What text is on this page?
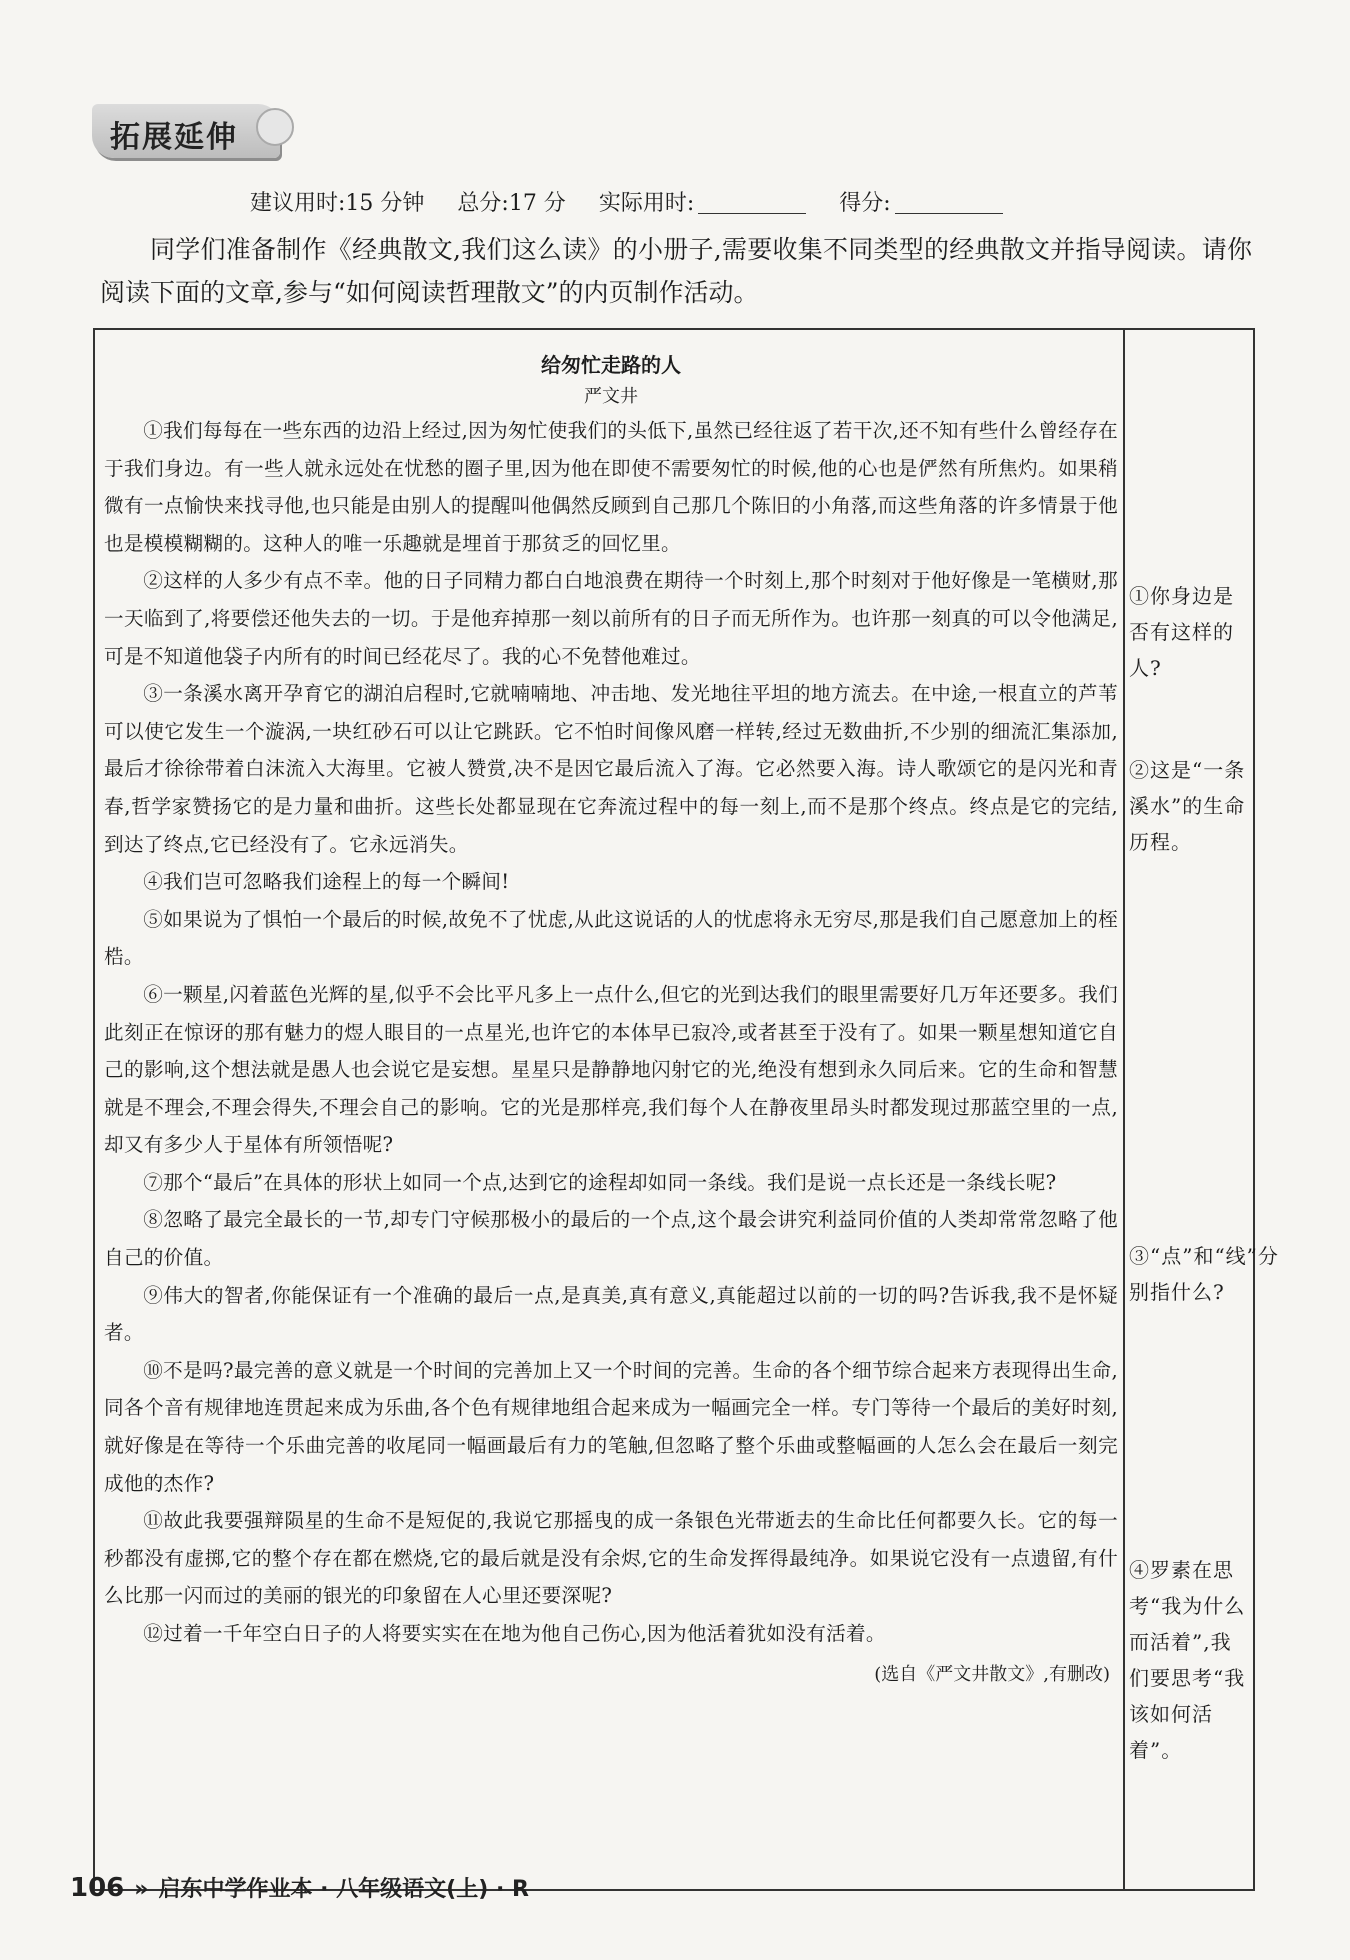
拓展延伸
建议用时:15 分钟 总分:17 分 实际用时:	得分:
同学们准备制作《经典散文,我们这么读》的小册子,需要收集不同类型的经典散文并指导阅读。请你阅读下面的文章,参与“如何阅读哲理散文”的内页制作活动。
给匆忙走路的人
严文井

①我们每每在一些东西的边沿上经过,因为匆忙使我们的头低下,虽然已经往返了若干次,还不知有些什么曾经存在于我们身边。有一些人就永远处在忧愁的圈子里,因为他在即使不需要匆忙的时候,他的心也是俨然有所焦灼。如果稍微有一点愉快来找寻他,也只能是由别人的提醒叫他偶然反顾到自己那几个陈旧的小角落,而这些角落的许多情景于他也是模模糊糊的。这种人的唯一乐趣就是埋首于那贫乏的回忆里。

②这样的人多少有点不幸。他的日子同精力都白白地浪费在期待一个时刻上,那个时刻对于他好像是一笔横财,那一天临到了,将要偿还他失去的一切。于是他弃掉那一刻以前所有的日子而无所作为。也许那一刻真的可以令他满足,可是不知道他袋子内所有的时间已经花尽了。我的心不免替他难过。

③一条溪水离开孕育它的湖泊启程时,它就喃喃地、冲击地、发光地往平坦的地方流去。在中途,一根直立的芦苇可以使它发生一个漩涡,一块红砂石可以让它跳跃。它不怕时间像风磨一样转,经过无数曲折,不少别的细流汇集添加,最后才徐徐带着白沫流入大海里。它被人赞赏,决不是因它最后流入了海。它必然要入海。诗人歌颂它的是闪光和青春,哲学家赞扬它的是力量和曲折。这些长处都显现在它奔流过程中的每一刻上,而不是那个终点。终点是它的完结,到达了终点,它已经没有了。它永远消失。

④我们岂可忽略我们途程上的每一个瞬间!

⑤如果说为了惧怕一个最后的时候,故免不了忧虑,从此这说话的人的忧虑将永无穷尽,那是我们自己愿意加上的桎梏。

⑥一颗星,闪着蓝色光辉的星,似乎不会比平凡多上一点什么,但它的光到达我们的眼里需要好几万年还要多。我们此刻正在惊讶的那有魅力的煜人眼目的一点星光,也许它的本体早已寂冷,或者甚至于没有了。如果一颗星想知道它自己的影响,这个想法就是愚人也会说它是妄想。星星只是静静地闪射它的光,绝没有想到永久同后来。它的生命和智慧就是不理会,不理会得失,不理会自己的影响。它的光是那样亮,我们每个人在静夜里昂头时都发现过那蓝空里的一点,却又有多少人于星体有所领悟呢?

⑦那个“最后”在具体的形状上如同一个点,达到它的途程却如同一条线。我们是说一点长还是一条线长呢?

⑧忽略了最完全最长的一节,却专门守候那极小的最后的一个点,这个最会讲究利益同价值的人类却常常忽略了他自己的价值。

⑨伟大的智者,你能保证有一个准确的最后一点,是真美,真有意义,真能超过以前的一切的吗?告诉我,我不是怀疑者。

⑩不是吗?最完善的意义就是一个时间的完善加上又一个时间的完善。生命的各个细节综合起来方表现得出生命,同各个音有规律地连贯起来成为乐曲,各个色有规律地组合起来成为一幅画完全一样。专门等待一个最后的美好时刻,就好像是在等待一个乐曲完善的收尾同一幅画最后有力的笔触,但忽略了整个乐曲或整幅画的人怎么会在最后一刻完成他的杰作?

⑪故此我要强辩陨星的生命不是短促的,我说它那摇曳的成一条银色光带逝去的生命比任何都要久长。它的每一秒都没有虚掷,它的整个存在都在燃烧,它的最后就是没有余烬,它的生命发挥得最纯净。如果说它没有一点遗留,有什么比那一闪而过的美丽的银光的印象留在人心里还要深呢?

⑫过着一千年空白日子的人将要实实在在地为他自己伤心,因为他活着犹如没有活着。

(选自《严文井散文》,有删改)
①你身边是否有这样的人?
②这是“一条溪水”的生命历程。
③“点”和“线”分别指什么?
④罗素在思考“我为什么而活着”,我们要思考“我该如何活着”。
106 » 启东中学作业本 · 八年级语文(上) · R
